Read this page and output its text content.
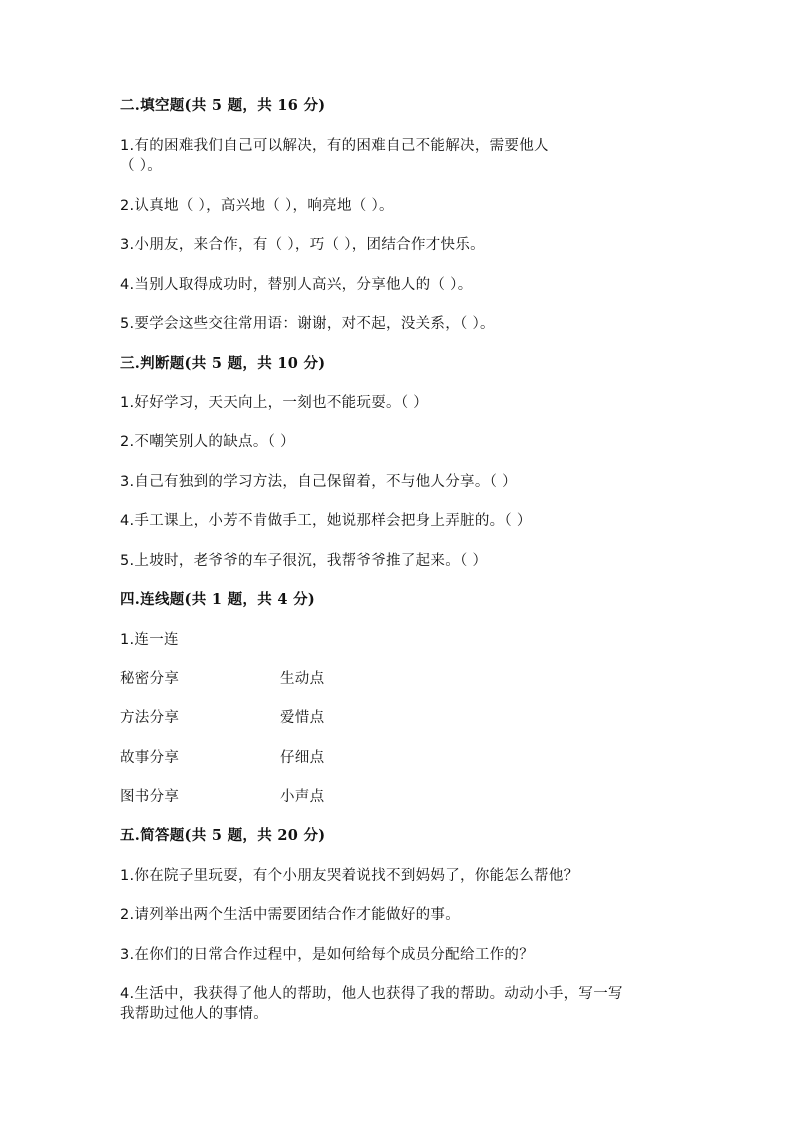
二.填空题(共 5 题，共 16 分)
1.有的困难我们自己可以解决，有的困难自己不能解决，需要他人
（ ）。
2.认真地（ ），高兴地（ ），响亮地（ ）。
3.小朋友，来合作，有（ ），巧（ ），团结合作才快乐。
4.当别人取得成功时，替别人高兴，分享他人的（ ）。
5.要学会这些交往常用语：谢谢，对不起，没关系，（ ）。
三.判断题(共 5 题，共 10 分)
1.好好学习，天天向上，一刻也不能玩耍。（ ）
2.不嘲笑别人的缺点。（ ）
3.自己有独到的学习方法，自己保留着，不与他人分享。（ ）
4.手工课上，小芳不肯做手工，她说那样会把身上弄脏的。（ ）
5.上坡时，老爷爷的车子很沉，我帮爷爷推了起来。（ ）
四.连线题(共 1 题，共 4 分)
1.连一连
秘密分享	生动点
方法分享	爱惜点
故事分享	仔细点
图书分享	小声点
五.简答题(共 5 题，共 20 分)
1.你在院子里玩耍，有个小朋友哭着说找不到妈妈了，你能怎么帮他？
2.请列举出两个生活中需要团结合作才能做好的事。
3.在你们的日常合作过程中，是如何给每个成员分配给工作的？
4.生活中，我获得了他人的帮助，他人也获得了我的帮助。动动小手，写一写
我帮助过他人的事情。
